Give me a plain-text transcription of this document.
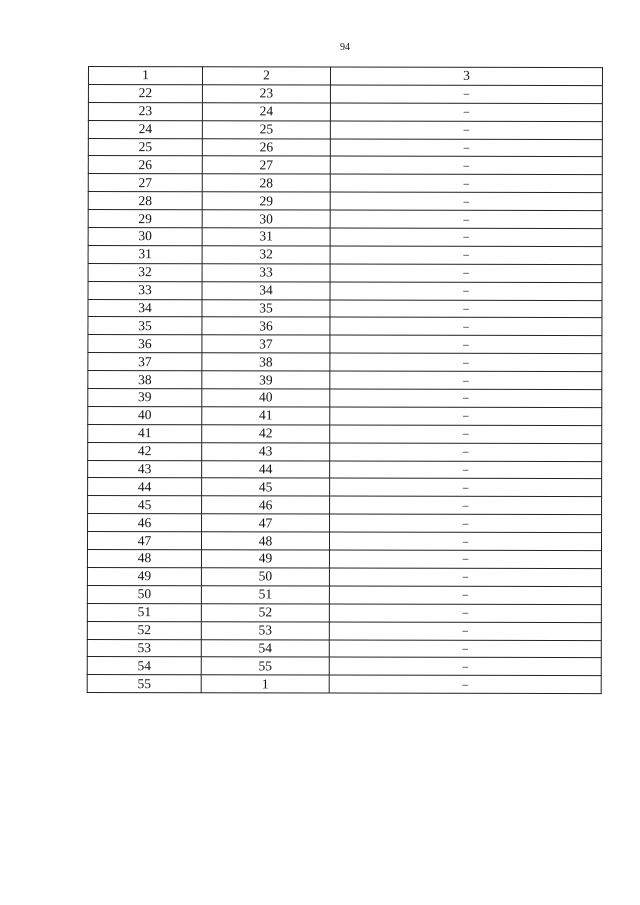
94
1	2	3
22	23	–
23	24	–
24	25	–
25	26	–
26	27	–
27	28	–
28	29	–
29	30	–
30	31	–
31	32	–
32	33	–
33	34	–
34	35	–
35	36	–
36	37	–
37	38	–
38	39	–
39	40	–
40	41	–
41	42	–
42	43	–
43	44	–
44	45	–
45	46	–
46	47	–
47	48	–
48	49	–
49	50	–
50	51	–
51	52	–
52	53	–
53	54	–
54	55	–
55	1	–
